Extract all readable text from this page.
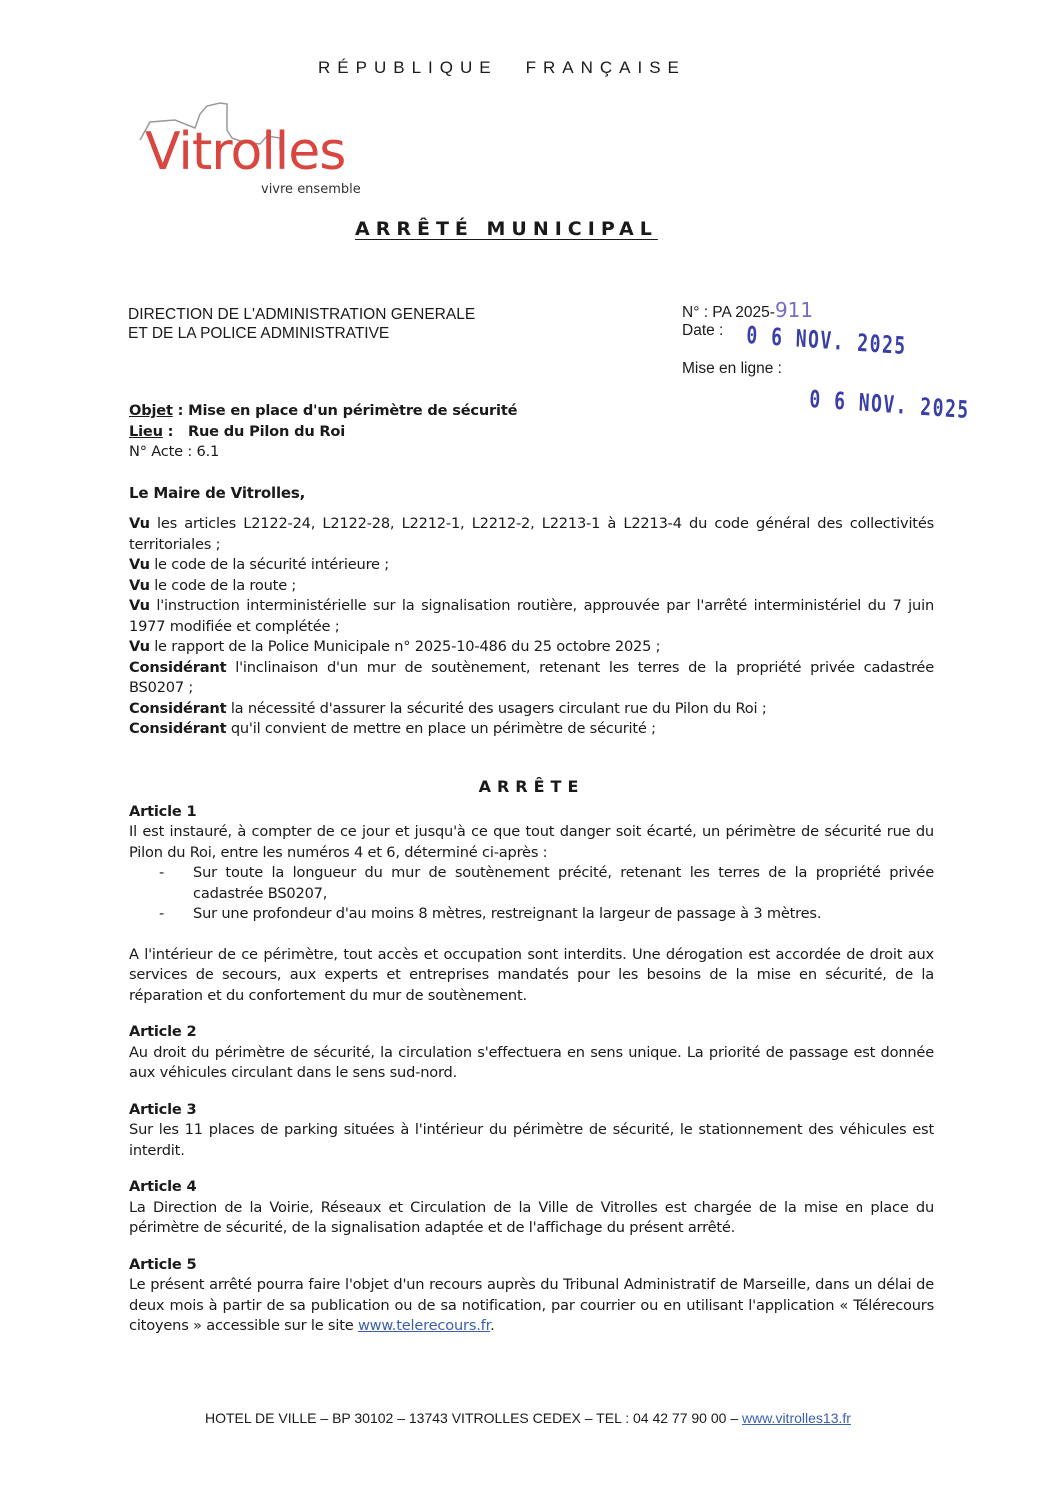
RÉPUBLIQUE FRANÇAISE
Vitrolles
vivre ensemble
ARRÊTÉ MUNICIPAL
DIRECTION DE L'ADMINISTRATION GENERALE
ET DE LA POLICE ADMINISTRATIVE
N° : PA 2025-911
Date : 0 6 NOV. 2025
Mise en ligne :
0 6 NOV. 2025
Objet : Mise en place d'un périmètre de sécurité
Lieu :   Rue du Pilon du Roi
N° Acte : 6.1
Le Maire de Vitrolles,
Vu les articles L2122-24, L2122-28, L2212-1, L2212-2, L2213-1 à L2213-4 du code général des collectivités territoriales ;
Vu le code de la sécurité intérieure ;
Vu le code de la route ;
Vu l'instruction interministérielle sur la signalisation routière, approuvée par l'arrêté interministériel du 7 juin 1977 modifiée et complétée ;
Vu le rapport de la Police Municipale n° 2025-10-486 du 25 octobre 2025 ;
Considérant l'inclinaison d'un mur de soutènement, retenant les terres de la propriété privée cadastrée BS0207 ;
Considérant la nécessité d'assurer la sécurité des usagers circulant rue du Pilon du Roi ;
Considérant qu'il convient de mettre en place un périmètre de sécurité ;
ARRÊTE
Article 1
Il est instauré, à compter de ce jour et jusqu'à ce que tout danger soit écarté, un périmètre de sécurité rue du Pilon du Roi, entre les numéros 4 et 6, déterminé ci-après :
- Sur toute la longueur du mur de soutènement précité, retenant les terres de la propriété privée cadastrée BS0207,
- Sur une profondeur d'au moins 8 mètres, restreignant la largeur de passage à 3 mètres.
A l'intérieur de ce périmètre, tout accès et occupation sont interdits. Une dérogation est accordée de droit aux services de secours, aux experts et entreprises mandatés pour les besoins de la mise en sécurité, de la réparation et du confortement du mur de soutènement.
Article 2
Au droit du périmètre de sécurité, la circulation s'effectuera en sens unique. La priorité de passage est donnée aux véhicules circulant dans le sens sud-nord.
Article 3
Sur les 11 places de parking situées à l'intérieur du périmètre de sécurité, le stationnement des véhicules est interdit.
Article 4
La Direction de la Voirie, Réseaux et Circulation de la Ville de Vitrolles est chargée de la mise en place du périmètre de sécurité, de la signalisation adaptée et de l'affichage du présent arrêté.
Article 5
Le présent arrêté pourra faire l'objet d'un recours auprès du Tribunal Administratif de Marseille, dans un délai de deux mois à partir de sa publication ou de sa notification, par courrier ou en utilisant l'application « Télérecours citoyens » accessible sur le site www.telerecours.fr.
HOTEL DE VILLE – BP 30102 – 13743 VITROLLES CEDEX – TEL : 04 42 77 90 00 – www.vitrolles13.fr
